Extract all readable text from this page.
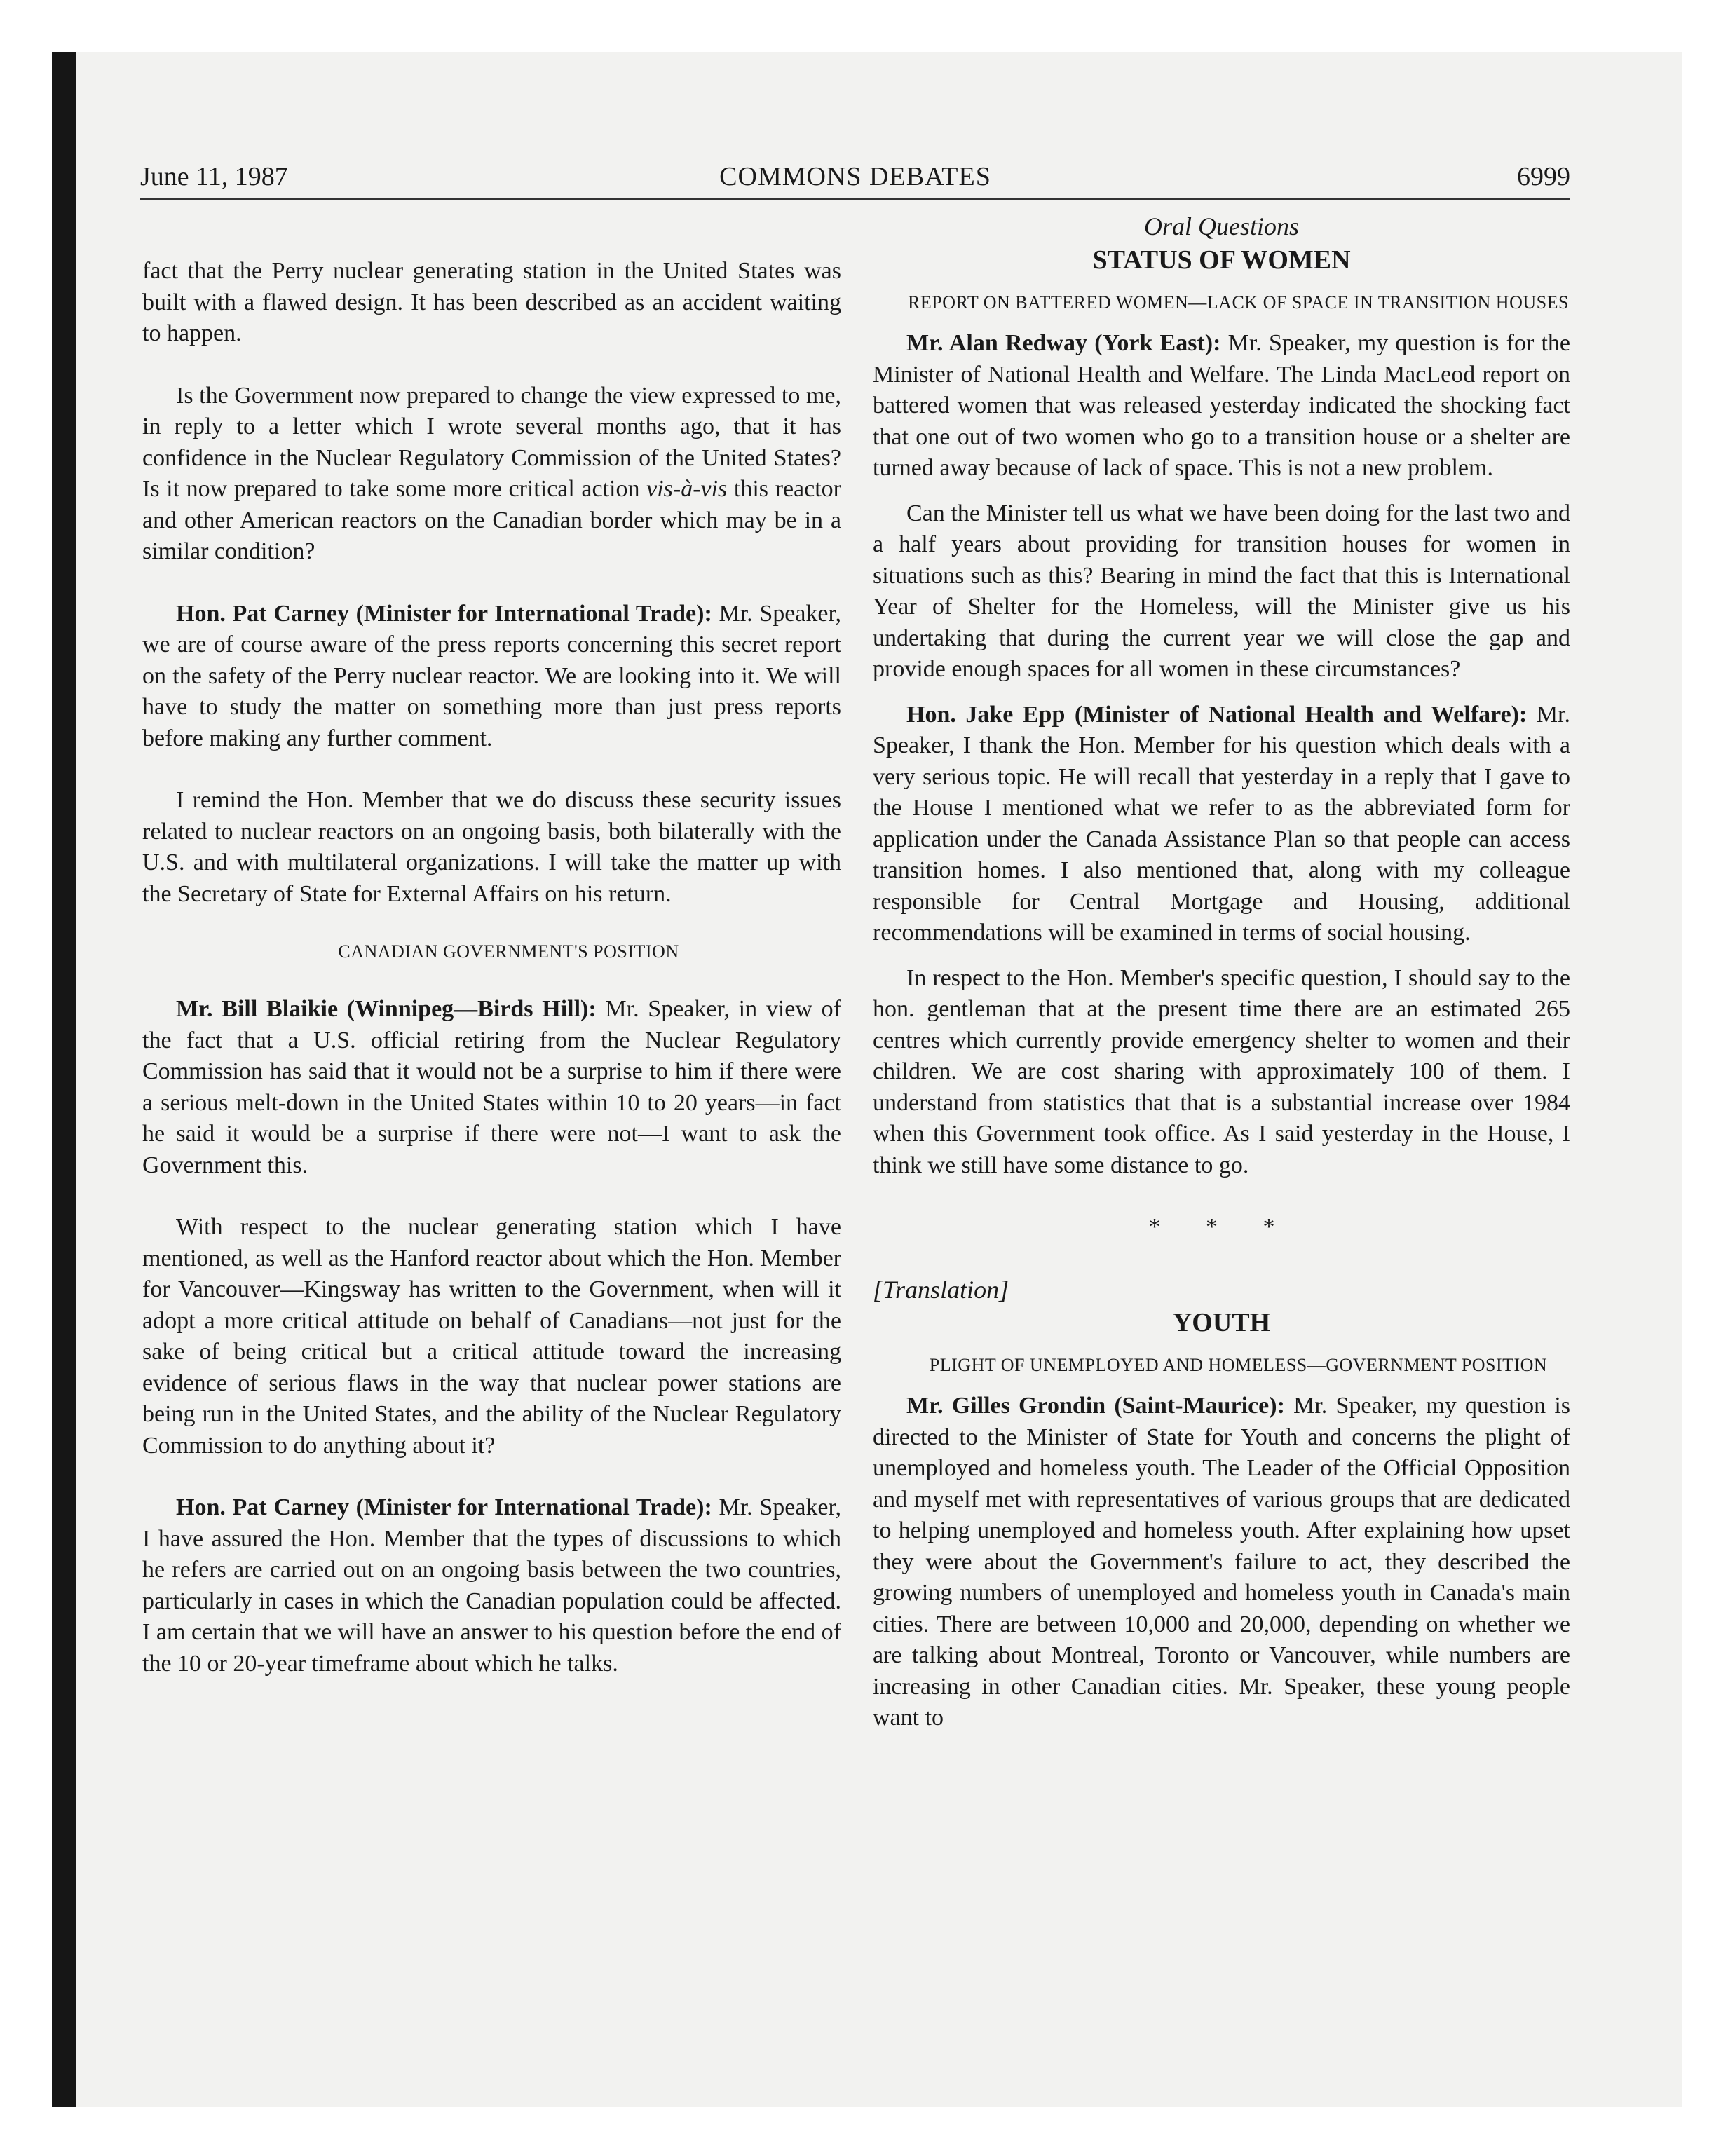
June 11, 1987	COMMONS DEBATES	6999

fact that the Perry nuclear generating station in the United States was built with a flawed design. It has been described as an accident waiting to happen.

Is the Government now prepared to change the view expressed to me, in reply to a letter which I wrote several months ago, that it has confidence in the Nuclear Regulatory Commission of the United States? Is it now prepared to take some more critical action vis-à-vis this reactor and other American reactors on the Canadian border which may be in a similar condition?

Hon. Pat Carney (Minister for International Trade): Mr. Speaker, we are of course aware of the press reports concerning this secret report on the safety of the Perry nuclear reactor. We are looking into it. We will have to study the matter on something more than just press reports before making any further comment.

I remind the Hon. Member that we do discuss these security issues related to nuclear reactors on an ongoing basis, both bilaterally with the U.S. and with multilateral organizations. I will take the matter up with the Secretary of State for External Affairs on his return.

CANADIAN GOVERNMENT'S POSITION

Mr. Bill Blaikie (Winnipeg—Birds Hill): Mr. Speaker, in view of the fact that a U.S. official retiring from the Nuclear Regulatory Commission has said that it would not be a surprise to him if there were a serious melt-down in the United States within 10 to 20 years—in fact he said it would be a surprise if there were not—I want to ask the Government this.

With respect to the nuclear generating station which I have mentioned, as well as the Hanford reactor about which the Hon. Member for Vancouver—Kingsway has written to the Government, when will it adopt a more critical attitude on behalf of Canadians—not just for the sake of being critical but a critical attitude toward the increasing evidence of serious flaws in the way that nuclear power stations are being run in the United States, and the ability of the Nuclear Regulatory Commission to do anything about it?

Hon. Pat Carney (Minister for International Trade): Mr. Speaker, I have assured the Hon. Member that the types of discussions to which he refers are carried out on an ongoing basis between the two countries, particularly in cases in which the Canadian population could be affected. I am certain that we will have an answer to his question before the end of the 10 or 20-year timeframe about which he talks.

Oral Questions
STATUS OF WOMEN

REPORT ON BATTERED WOMEN—LACK OF SPACE IN TRANSITION HOUSES

Mr. Alan Redway (York East): Mr. Speaker, my question is for the Minister of National Health and Welfare. The Linda MacLeod report on battered women that was released yesterday indicated the shocking fact that one out of two women who go to a transition house or a shelter are turned away because of lack of space. This is not a new problem.

Can the Minister tell us what we have been doing for the last two and a half years about providing for transition houses for women in situations such as this? Bearing in mind the fact that this is International Year of Shelter for the Homeless, will the Minister give us his undertaking that during the current year we will close the gap and provide enough spaces for all women in these circumstances?

Hon. Jake Epp (Minister of National Health and Welfare): Mr. Speaker, I thank the Hon. Member for his question which deals with a very serious topic. He will recall that yesterday in a reply that I gave to the House I mentioned what we refer to as the abbreviated form for application under the Canada Assistance Plan so that people can access transition homes. I also mentioned that, along with my colleague responsible for Central Mortgage and Housing, additional recommendations will be examined in terms of social housing.

In respect to the Hon. Member's specific question, I should say to the hon. gentleman that at the present time there are an estimated 265 centres which currently provide emergency shelter to women and their children. We are cost sharing with approximately 100 of them. I understand from statistics that that is a substantial increase over 1984 when this Government took office. As I said yesterday in the House, I think we still have some distance to go.

* * *
[Translation]
YOUTH

PLIGHT OF UNEMPLOYED AND HOMELESS—GOVERNMENT POSITION

Mr. Gilles Grondin (Saint-Maurice): Mr. Speaker, my question is directed to the Minister of State for Youth and concerns the plight of unemployed and homeless youth. The Leader of the Official Opposition and myself met with representatives of various groups that are dedicated to helping unemployed and homeless youth. After explaining how upset they were about the Government's failure to act, they described the growing numbers of unemployed and homeless youth in Canada's main cities. There are between 10,000 and 20,000, depending on whether we are talking about Montreal, Toronto or Vancouver, while numbers are increasing in other Canadian cities. Mr. Speaker, these young people want to
